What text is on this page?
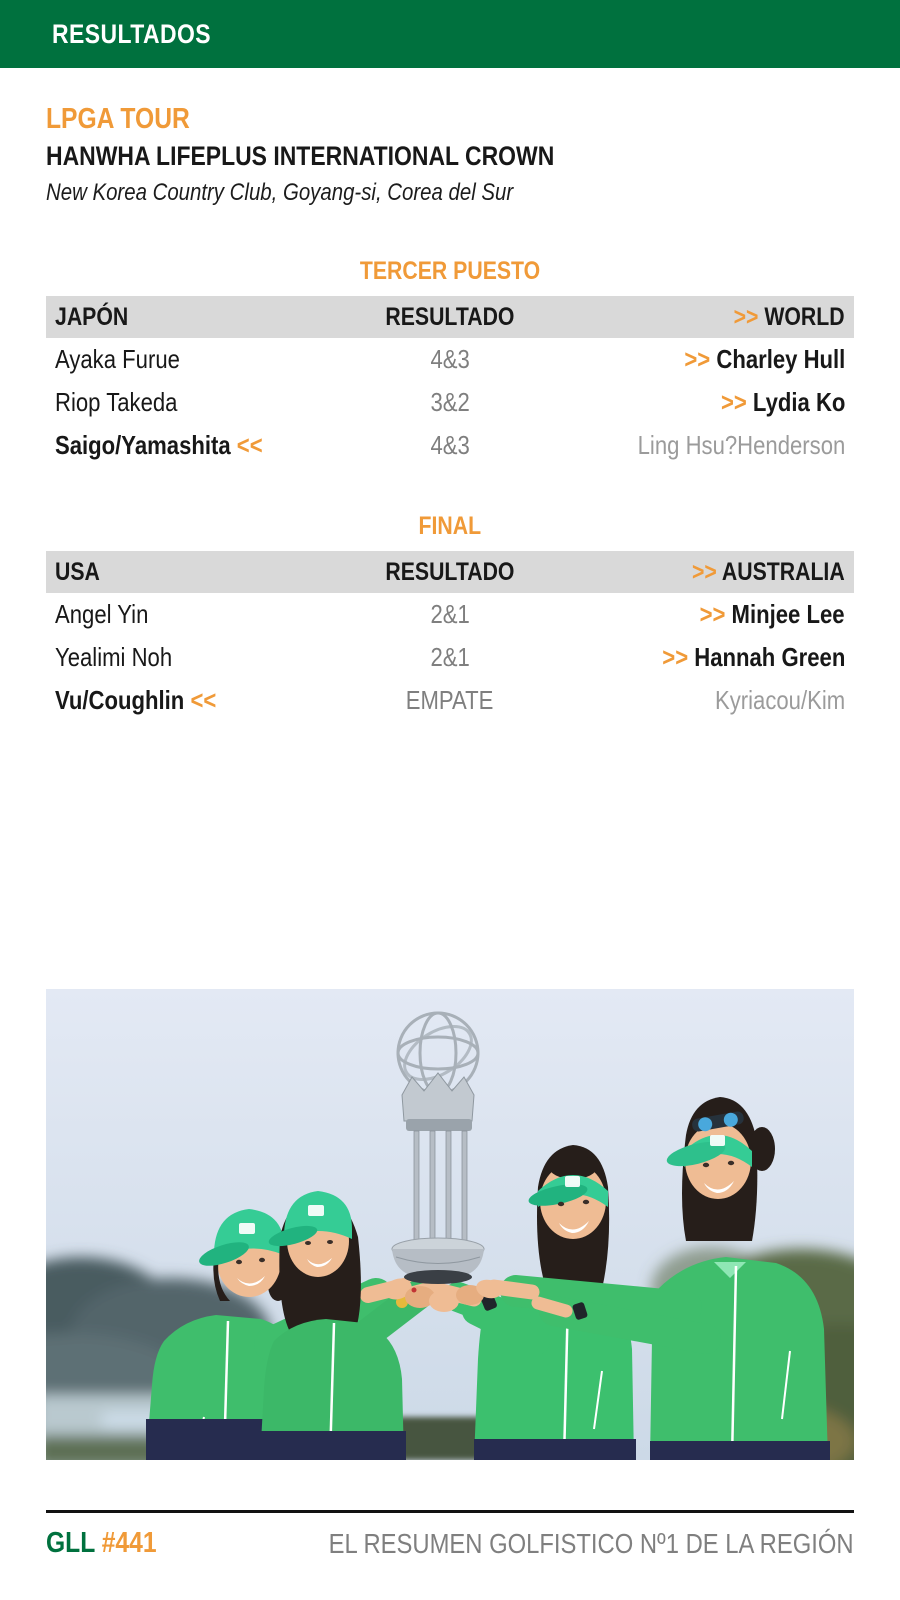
RESULTADOS
LPGA TOUR
HANWHA LIFEPLUS INTERNATIONAL CROWN
New Korea Country Club, Goyang-si, Corea del Sur
TERCER PUESTO
JAPÓN	RESULTADO	>> WORLD
Ayaka Furue	4&3	>> Charley Hull
Riop Takeda	3&2	>> Lydia Ko
Saigo/Yamashita <<	4&3	Ling Hsu?Henderson
FINAL
USA	RESULTADO	>> AUSTRALIA
Angel Yin	2&1	>> Minjee Lee
Yealimi Noh	2&1	>> Hannah Green
Vu/Coughlin <<	EMPATE	Kyriacou/Kim
GLL #441	EL RESUMEN GOLFISTICO Nº1 DE LA REGIÓN
